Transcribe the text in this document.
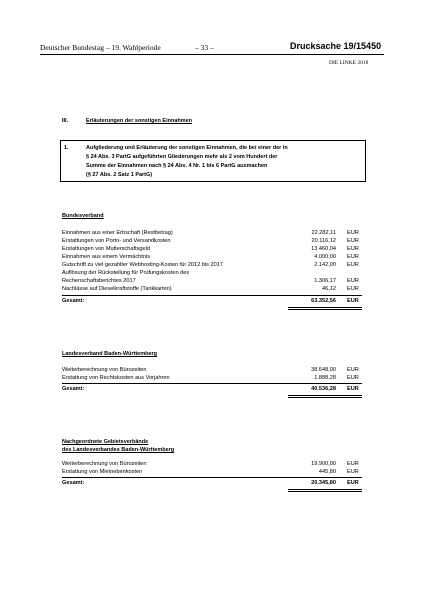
Deutscher Bundestag – 19. Wahlperiode	– 33 –	Drucksache 19/15450
DIE LINKE 2018
III.	Erläuterungen der sonstigen Einnahmen
1.	Aufgliederung und Erläuterung der sonstigen Einnahmen, die bei einer der in
§ 24 Abs. 3 PartG aufgeführten Gliederungen mehr als 2 vom Hundert der
Summe der Einnahmen nach § 24 Abs. 4 Nr. 1 bis 6 PartG ausmachen
(§ 27 Abs. 2 Satz 1 PartG)
Bundesverband
Einnahmen aus einer Erbschaft (Restbetrag)	22.282,11 EUR
Erstattungen von Porto- und Versandkosten	20.116,12 EUR
Erstattungen von Mutterschaftsgeld	13.460,04 EUR
Einnahmen aus einem Vermächtnis	4.000,00 EUR
Gutschrift zu viel gezahlter Webhosting-Kosten für 2012 bis 2017	2.142,00 EUR
Auflösung der Rückstellung für Prüfungskosten des
Rechenschaftsberichtes 2017	1.306,17 EUR
Nachlässe auf Dieselkraftstoffe (Tankkarten)	46,12 EUR
Gesamt:	63.352,56 EUR
Landesverband Baden-Württemberg
Weiterberechnung von Bürozeiten	38.648,00 EUR
Erstattung von Rechtskosten aus Vorjahren	1.888,28 EUR
Gesamt:	40.536,28 EUR
Nachgeordnete Gebietsverbände
des Landesverbandes Baden-Württemberg
Weiterberechnung von Bürozeiten	19.900,00 EUR
Erstattung von Mietnebenkosten	445,80 EUR
Gesamt:	20.345,80 EUR
